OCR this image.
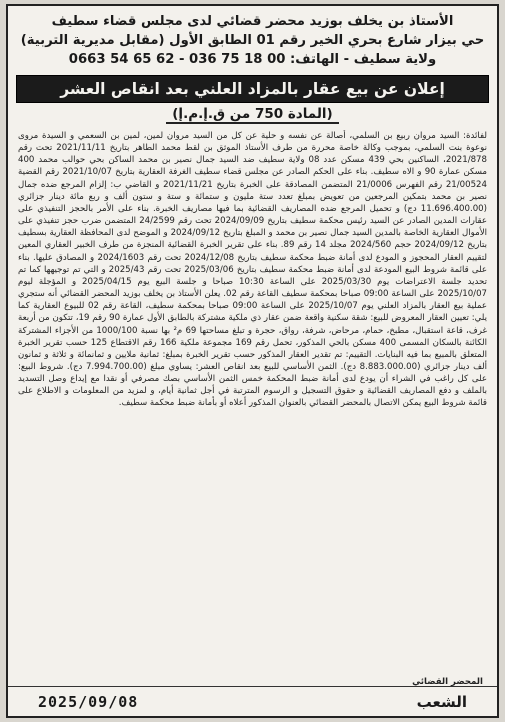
الأستاذ بن يخلف بوزيد محضر قضائي لدى مجلس قضاء سطيف
حي بيزار شارع بحري الخير رقم 01 الطابق الأول (مقابل مديرية التربية)
ولاية سطيف - الهاتف: 00 18 75 036 - 62 65 54 0663
إعلان عن بيع عقار بالمزاد العلني بعد انقاص العشر
(المادة 750 من ق.إ.م.إ)

لفائدة: السيد مروان ربيع بن السلمي، أصالة عن نفسه و حلية عن كل من السيد مروان لمين، لمين بن السعمي و السيدة مروى نوعوة بنت السلمي، بموجب وكالة خاصة محررة من طرف الأستاذ الموثق بن لقط محمد الطاهر بتاريخ 2021/11/11 تحت رقم 2021/878، الساكنين بحي 439 مسكن عدد 08 ولاية سطيف ضد السيد جمال نصير بن محمد الساكن بحي حوالب محمد 400 مسكن عمارة 90 و الاه سطيف. بناء على الحكم الصادر عن مجلس قضاء سطيف الغرفة العقارية بتاريخ 2021/10/07 رقم القضية 21/00524 رقم الفهرس 21/0006 المتضمن المصادقة على الخبرة بتاريخ 2021/11/21 و القاضي ب: إلزام المرجع ضده جمال نصير بن محمد بتمكين المرجعين من تعويض بمبلغ تعدد ستة مليون و ستمائة و ستة و ستون ألف و ربع مائة دينار جزائري (11.696.400.00 دج) و تحميل المرجع ضده المصاريف القضائية بما فيها مصاريف الخبرة. بناء على الأمر بالحجز التنفيذي على عقارات المدين الصادر عن السيد رئيس محكمة سطيف بتاريخ 2024/09/09 تحت رقم 24/2599 المتضمن ضرب حجز تنفيذي على الأموال العقارية الخاصة بالمدين السيد جمال نصير بن محمد و المبلغ بتاريخ 2024/09/12 و الموضح لدى المحافظة العقارية بسطيف بتاريخ 2024/09/12 حجم 2024/560 مجلد 14 رقم 89. بناء على تقرير الخبرة القضائية المنجزة من طرف الخبير العقاري المعين لتقييم العقار المحجوز و المودع لدى أمانة ضبط محكمة سطيف بتاريخ 2024/12/08 تحت رقم 2024/1603 و المصادق عليها. بناء على قائمة شروط البيع المودعة لدى أمانة ضبط محكمة سطيف بتاريخ 2025/03/06 تحت رقم 2025/43 و التي تم توجيهها كما تم تحديد جلسة الاعتراضات يوم 2025/03/30 على الساعة 10:30 صباحا و جلسة البيع يوم 2025/04/15 و المؤجلة ليوم 2025/10/07 على الساعة 09:00 صباحا بمحكمة سطيف القاعة رقم 02. يعلن الأستاذ بن يخلف بوزيد المحضر القضائي أنه ستجري عملية بيع العقار بالمزاد العلني يوم 2025/10/07 على الساعة 09:00 صباحا بمحكمة سطيف، القاعة رقم 02 للبيوع العقارية كما يلي: تعيين العقار المعروض للبيع: شقة سكنية واقعة ضمن عقار ذي ملكية مشتركة بالطابق الأول عمارة 90 رقم 19، تتكون من أربعة غرف، قاعة استقبال، مطبخ، حمام، مرحاض، شرفة، رواق، حجرة و تبلغ مساحتها 69 م² بها نسبة 1000/100 من الأجزاء المشتركة الكائنة بالسكان المسمى 400 مسكن بالحي المذكور، تحمل رقم 169 مجموعة ملكية 166 رقم الاقتطاع 125 حسب تقرير الخبرة المتعلق بالمبيع بما فيه البنايات. التقييم: تم تقدير العقار المذكور حسب تقرير الخبرة بمبلغ: ثمانية ملايين و ثمانمائة و ثلاثة و ثمانون ألف دينار جزائري (8.883.000.00 دج). الثمن الأساسي للبيع بعد انقاص العشر: يساوي مبلغ (7.994.700.00 دج). شروط البيع: على كل راغب في الشراء أن يودع لدى أمانة ضبط المحكمة خمس الثمن الأساسي بصك مصرفي أو نقدا مع إيداع وصل التسديد بالملف و دفع المصاريف القضائية و حقوق التسجيل و الرسوم المترتبة في أجل ثمانية أيام، و لمزيد من المعلومات و الاطلاع على قائمة شروط البيع يمكن الاتصال بالمحضر القضائي بالعنوان المذكور أعلاه أو بأمانة ضبط محكمة سطيف.

المحضر القضائي
2025/09/08	الشعب
